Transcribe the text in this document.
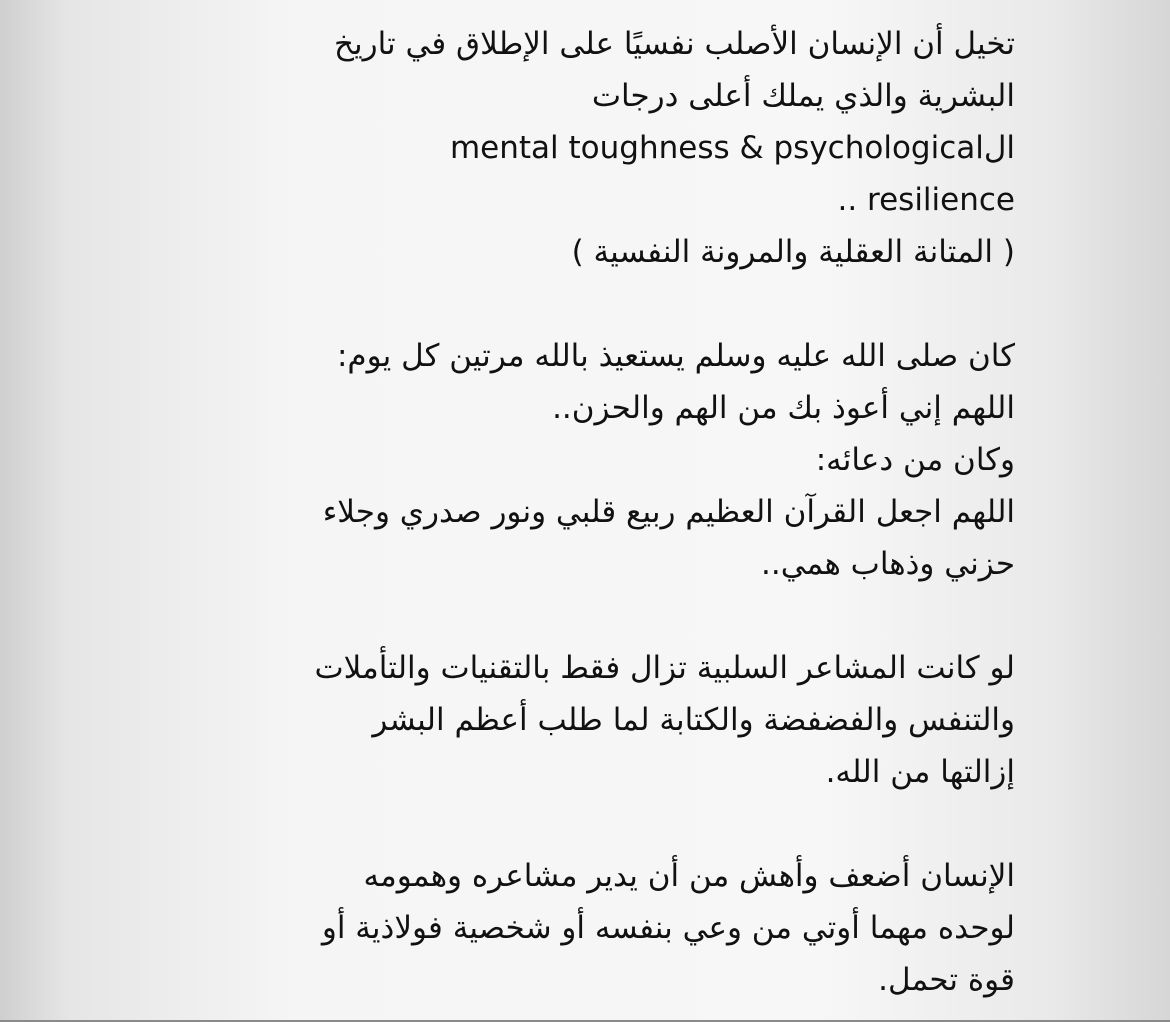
تخيل أن الإنسان الأصلب نفسيًا على الإطلاق في تاريخ
البشرية والذي يملك أعلى درجات
الmental toughness & psychological
resilience ..
( المتانة العقلية والمرونة النفسية )
كان صلى الله عليه وسلم يستعيذ بالله مرتين كل يوم:
اللهم إني أعوذ بك من الهم والحزن..
وكان من دعائه:
اللهم اجعل القرآن العظيم ربيع قلبي ونور صدري وجلاء
حزني وذهاب همي..
لو كانت المشاعر السلبية تزال فقط بالتقنيات والتأملات
والتنفس والفضفضة والكتابة لما طلب أعظم البشر
إزالتها من الله.
الإنسان أضعف وأهش من أن يدير مشاعره وهمومه
لوحده مهما أوتي من وعي بنفسه أو شخصية فولاذية أو
قوة تحمل.
